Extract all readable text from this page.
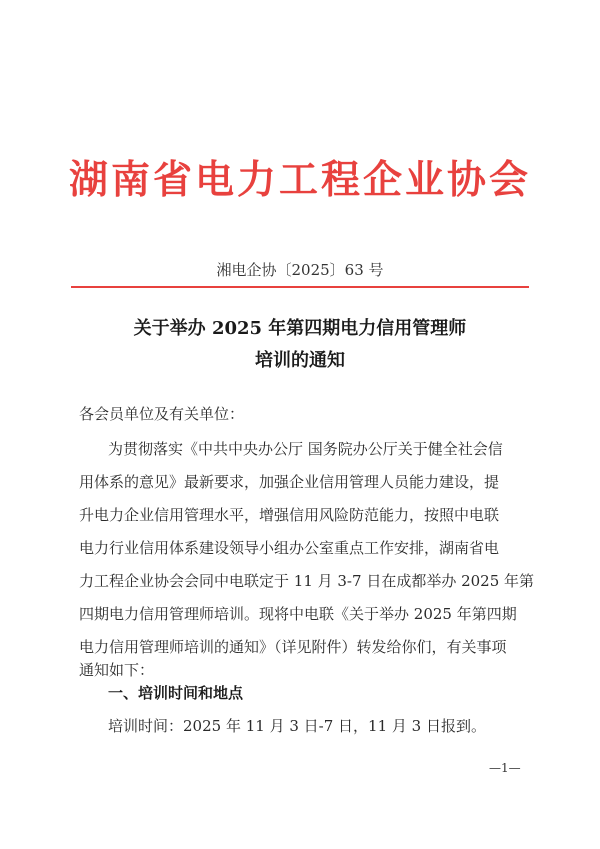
湖南省电力工程企业协会
湘电企协〔2025〕63 号
关于举办 2025 年第四期电力信用管理师
培训的通知
各会员单位及有关单位：
为贯彻落实《中共中央办公厅 国务院办公厅关于健全社会信
用体系的意见》最新要求，加强企业信用管理人员能力建设，提
升电力企业信用管理水平，增强信用风险防范能力，按照中电联
电力行业信用体系建设领导小组办公室重点工作安排，湖南省电
力工程企业协会会同中电联定于 11 月 3-7 日在成都举办 2025 年第
四期电力信用管理师培训。现将中电联《关于举办 2025 年第四期
电力信用管理师培训的通知》（详见附件）转发给你们，有关事项
通知如下：
一、培训时间和地点
培训时间：2025 年 11 月 3 日-7 日，11 月 3 日报到。
—1—
